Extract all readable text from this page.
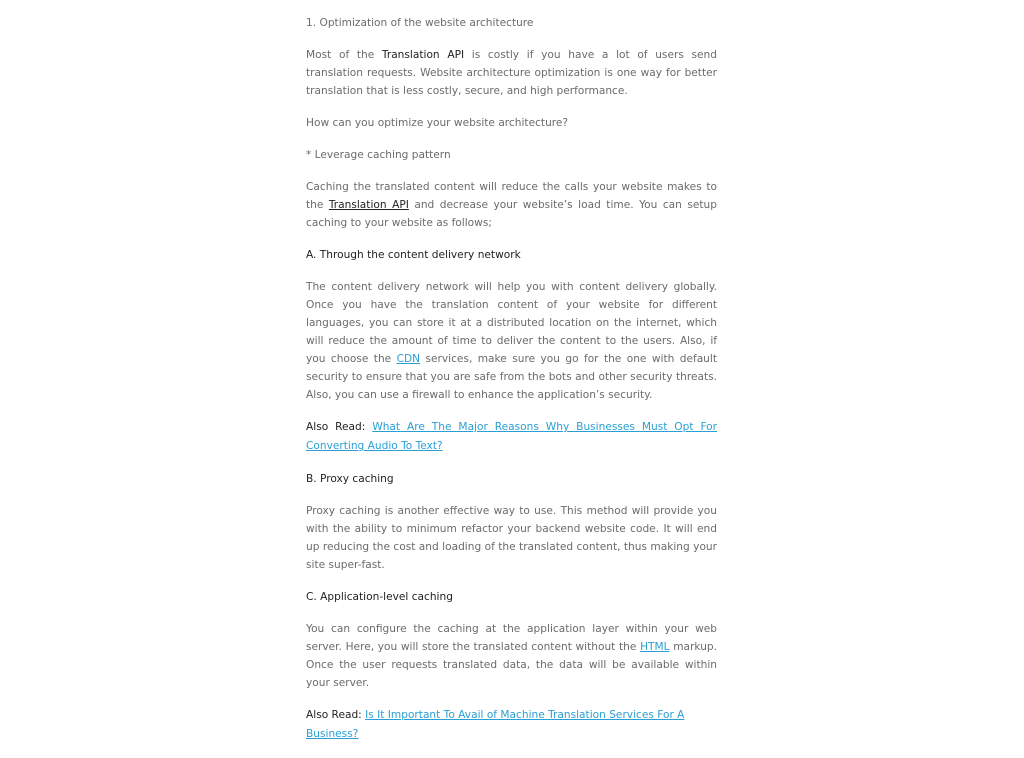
1. Optimization of the website architecture

Most of the Translation API is costly if you have a lot of users send translation requests. Website architecture optimization is one way for better translation that is less costly, secure, and high performance.

How can you optimize your website architecture?

* Leverage caching pattern

Caching the translated content will reduce the calls your website makes to the Translation API and decrease your website’s load time. You can setup caching to your website as follows;

A. Through the content delivery network

The content delivery network will help you with content delivery globally. Once you have the translation content of your website for different languages, you can store it at a distributed location on the internet, which will reduce the amount of time to deliver the content to the users. Also, if you choose the CDN services, make sure you go for the one with default security to ensure that you are safe from the bots and other security threats. Also, you can use a firewall to enhance the application’s security.

Also Read: What Are The Major Reasons Why Businesses Must Opt For Converting Audio To Text?

B. Proxy caching

Proxy caching is another effective way to use. This method will provide you with the ability to minimum refactor your backend website code. It will end up reducing the cost and loading of the translated content, thus making your site super-fast.

C. Application-level caching

You can configure the caching at the application layer within your web server. Here, you will store the translated content without the HTML markup. Once the user requests translated data, the data will be available within your server.

Also Read: Is It Important To Avail of Machine Translation Services For A Business?
